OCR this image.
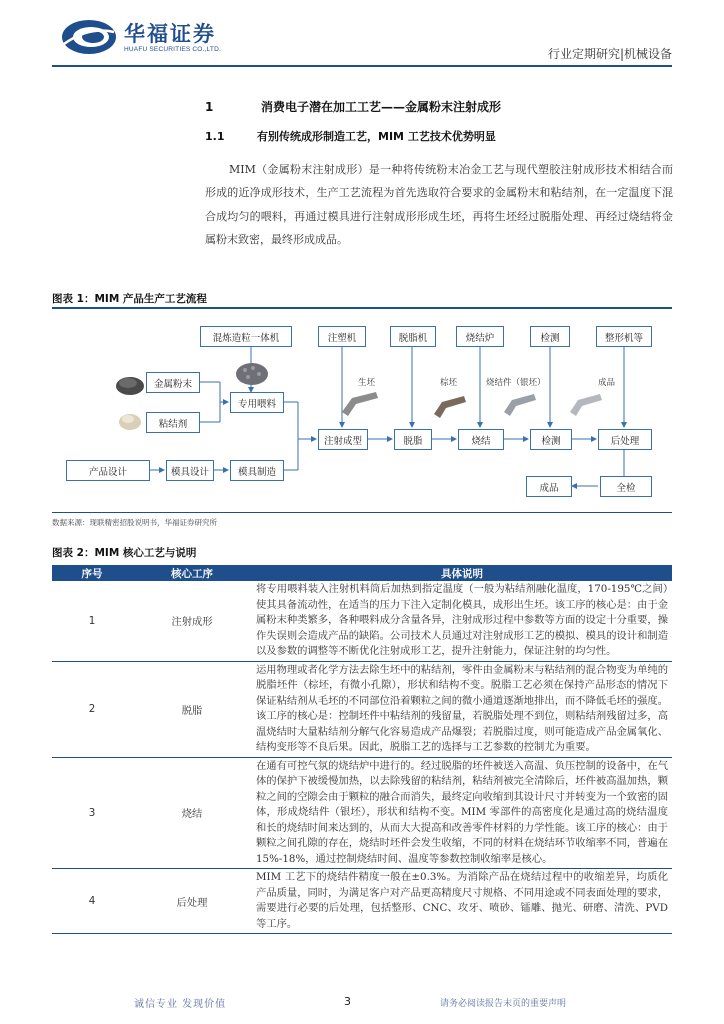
华福证券
HUAFU SECURITIES CO.,LTD.	行业定期研究|机械设备
1	消费电子潜在加工工艺——金属粉末注射成形
1.1	有别传统成形制造工艺，MIM 工艺技术优势明显

MIM（金属粉末注射成形）是一种将传统粉末冶金工艺与现代塑胶注射成形技术相结合而形成的近净成形技术，生产工艺流程为首先选取符合要求的金属粉末和粘结剂，在一定温度下混合成均匀的喂料，再通过模具进行注射成形形成生坯，再将生坯经过脱脂处理、再经过烧结将金属粉末致密，最终形成成品。

图表 1：MIM 产品生产工艺流程
混炼造粒一体机	注塑机	脱脂机	烧结炉	检测	整形机等
金属粉末
粘结剂
专用喂料
产品设计	模具设计	模具制造
注射成型	脱脂	烧结	检测	后处理
成品	全检
生坯	棕坯	烧结件（银坯）	成品
数据来源：现联精密招股说明书，华福证券研究所
图表 2：MIM 核心工艺与说明
序号	核心工序	具体说明
1	注射成形	将专用喂料装入注射机料筒后加热到指定温度（一般为粘结剂融化温度，170-195℃之间）使其具备流动性，在适当的压力下注入定制化模具，成形出生坯。该工序的核心是：由于金属粉末种类繁多，各种喂料成分含量各异，注射成形过程中参数等方面的设定十分重要，操作失误则会造成产品的缺陷。公司技术人员通过对注射成形工艺的模拟、模具的设计和制造以及参数的调整等不断优化注射成形工艺，提升注射能力，保证注射的均匀性。
2	脱脂	运用物理或者化学方法去除生坯中的粘结剂，零件由金属粉末与粘结剂的混合物变为单纯的脱脂坯件（棕坯，有微小孔隙），形状和结构不变。脱脂工艺必须在保持产品形态的情况下保证粘结剂从毛坯的不同部位沿着颗粒之间的微小通道逐渐地排出，而不降低毛坯的强度。该工序的核心是：控制坯件中粘结剂的残留量，若脱脂处理不到位，则粘结剂残留过多，高温烧结时大量粘结剂分解气化容易造成产品爆裂；若脱脂过度，则可能造成产品金属氧化、结构变形等不良后果。因此，脱脂工艺的选择与工艺参数的控制尤为重要。
3	烧结	在通有可控气氛的烧结炉中进行的。经过脱脂的坯件被送入高温、负压控制的设备中，在气体的保护下被缓慢加热，以去除残留的粘结剂，粘结剂被完全清除后，坯件被高温加热，颗粒之间的空隙会由于颗粒的融合而消失，最终定向收缩到其设计尺寸并转变为一个致密的固体，形成烧结件（银坯），形状和结构不变。MIM 零部件的高密度化是通过高的烧结温度和长的烧结时间来达到的，从而大大提高和改善零件材料的力学性能。该工序的核心：由于颗粒之间孔隙的存在，烧结时坯件会发生收缩，不同的材料在烧结环节收缩率不同，普遍在 15%-18%，通过控制烧结时间、温度等参数控制收缩率是核心。
4	后处理	MIM 工艺下的烧结件精度一般在±0.3%。为消除产品在烧结过程中的收缩差异，均质化产品质量，同时，为满足客户对产品更高精度尺寸规格、不同用途或不同表面处理的要求，需要进行必要的后处理，包括整形、CNC、攻牙、喷砂、镭雕、抛光、研磨、清洗、PVD 等工序。
诚信专业 发现价值	3	请务必阅读报告末页的重要声明
